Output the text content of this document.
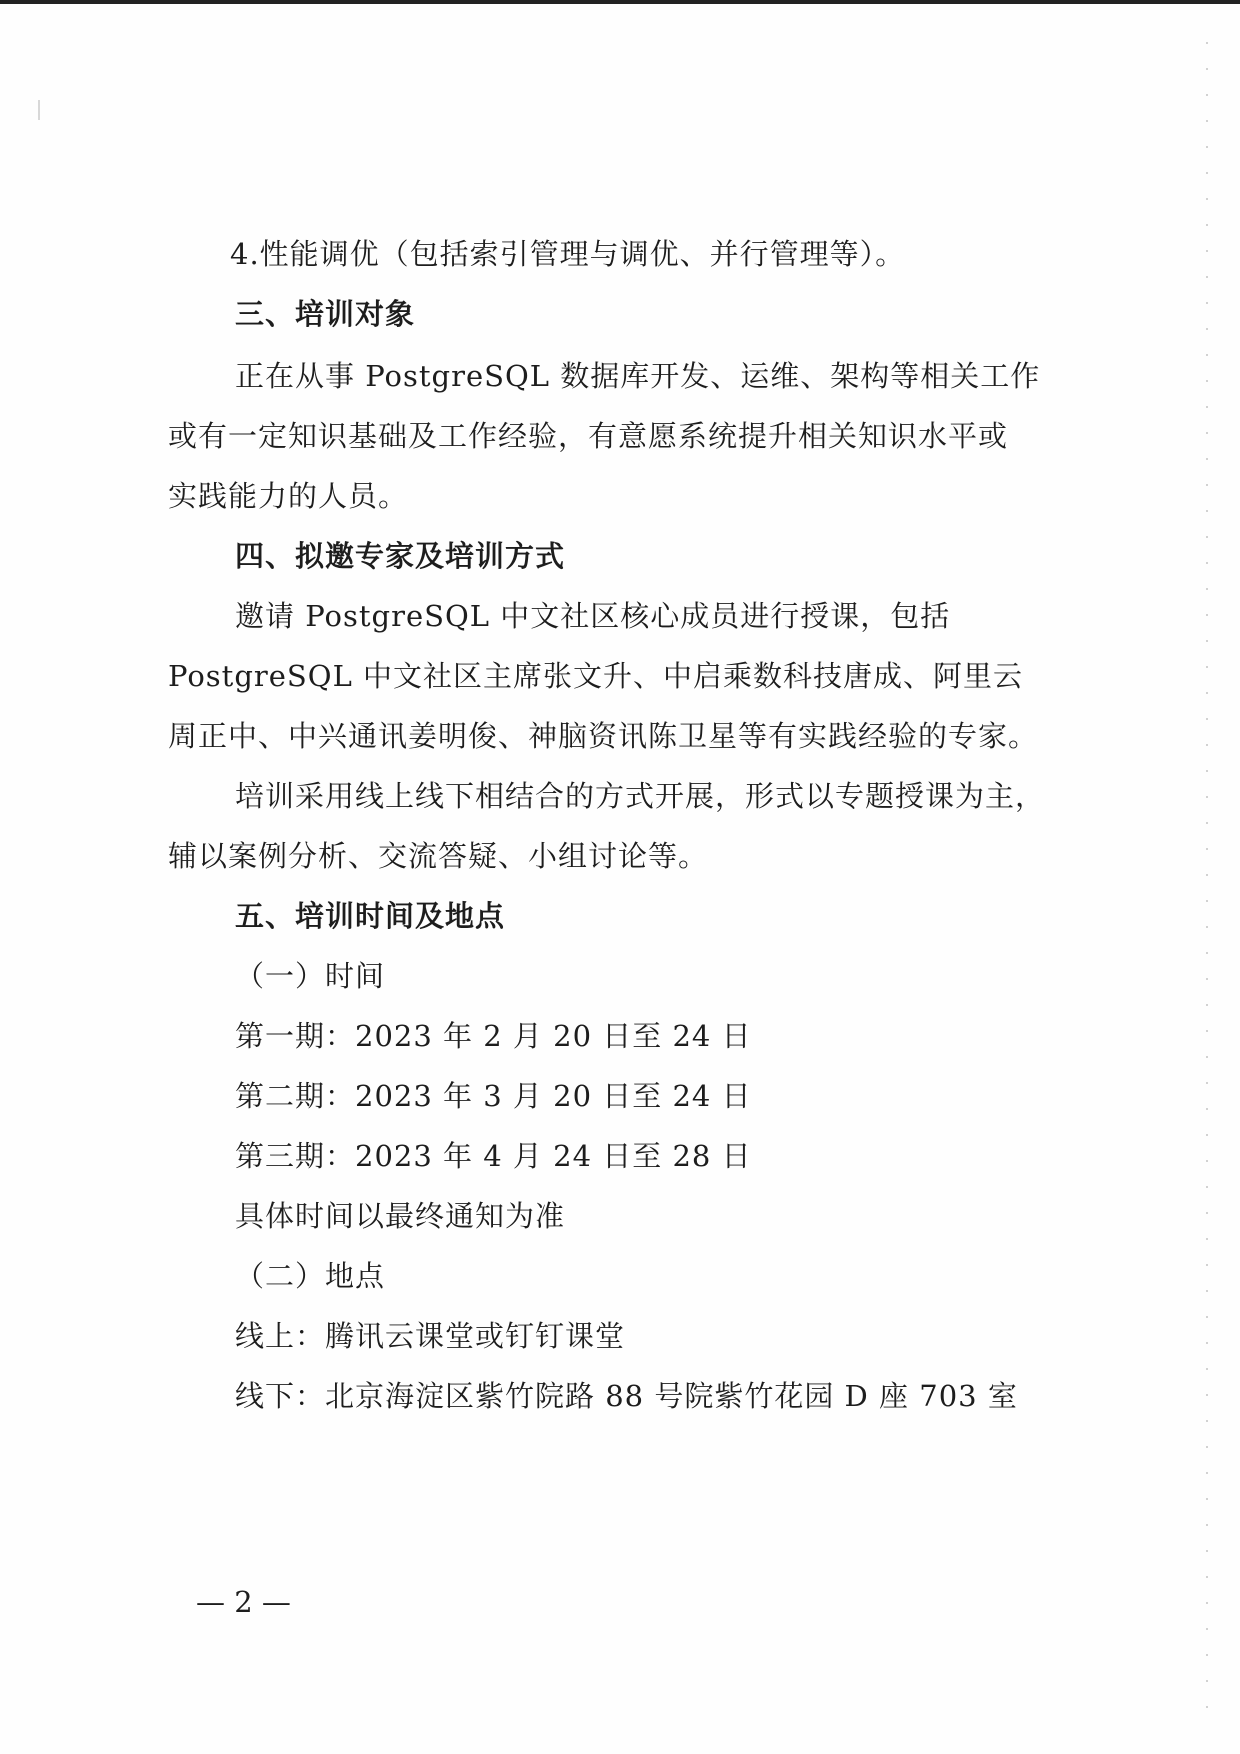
4.性能调优（包括索引管理与调优、并行管理等）。
三、培训对象
正在从事 PostgreSQL 数据库开发、运维、架构等相关工作
或有一定知识基础及工作经验，有意愿系统提升相关知识水平或
实践能力的人员。
四、拟邀专家及培训方式
邀请 PostgreSQL 中文社区核心成员进行授课，包括
PostgreSQL 中文社区主席张文升、中启乘数科技唐成、阿里云
周正中、中兴通讯姜明俊、神脑资讯陈卫星等有实践经验的专家。
培训采用线上线下相结合的方式开展，形式以专题授课为主，
辅以案例分析、交流答疑、小组讨论等。
五、培训时间及地点
（一）时间
第一期：2023 年 2 月 20 日至 24 日
第二期：2023 年 3 月 20 日至 24 日
第三期：2023 年 4 月 24 日至 28 日
具体时间以最终通知为准
（二）地点
线上：腾讯云课堂或钉钉课堂
线下：北京海淀区紫竹院路 88 号院紫竹花园 D 座 703 室
— 2 —
